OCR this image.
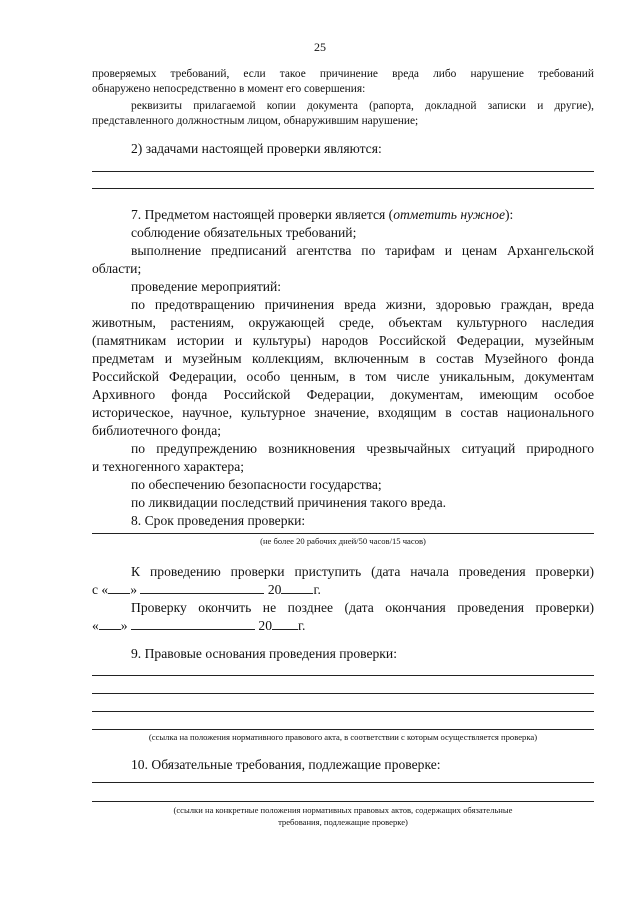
25
проверяемых требований, если такое причинение вреда либо нарушение требований
обнаружено непосредственно в момент его совершения:
реквизиты прилагаемой копии документа (рапорта, докладной записки и другие),
представленного должностным лицом, обнаружившим нарушение;
2) задачами настоящей проверки являются:
7. Предметом настоящей проверки является (отметить нужное):
соблюдение обязательных требований;
выполнение предписаний агентства по тарифам и ценам Архангельской
области;
проведение мероприятий:
по предотвращению причинения вреда жизни, здоровью граждан, вреда
животным, растениям, окружающей среде, объектам культурного наследия
(памятникам истории и культуры) народов Российской Федерации, музейным
предметам и музейным коллекциям, включенным в состав Музейного фонда
Российской Федерации, особо ценным, в том числе уникальным, документам
Архивного фонда Российской Федерации, документам, имеющим особое
историческое, научное, культурное значение, входящим в состав национального
библиотечного фонда;
по предупреждению возникновения чрезвычайных ситуаций природного
и техногенного характера;
по обеспечению безопасности государства;
по ликвидации последствий причинения такого вреда.
8. Срок проведения проверки:
(не более 20 рабочих дней/50 часов/15 часов)
К проведению проверки приступить (дата начала проведения проверки)
с « »	20 г.
Проверку окончить не позднее (дата окончания проведения проверки)
« »	20 г.
9. Правовые основания проведения проверки:
(ссылка на положения нормативного правового акта, в соответствии с которым осуществляется проверка)
10. Обязательные требования, подлежащие проверке:
(ссылки на конкретные положения нормативных правовых актов, содержащих обязательные
требования, подлежащие проверке)
